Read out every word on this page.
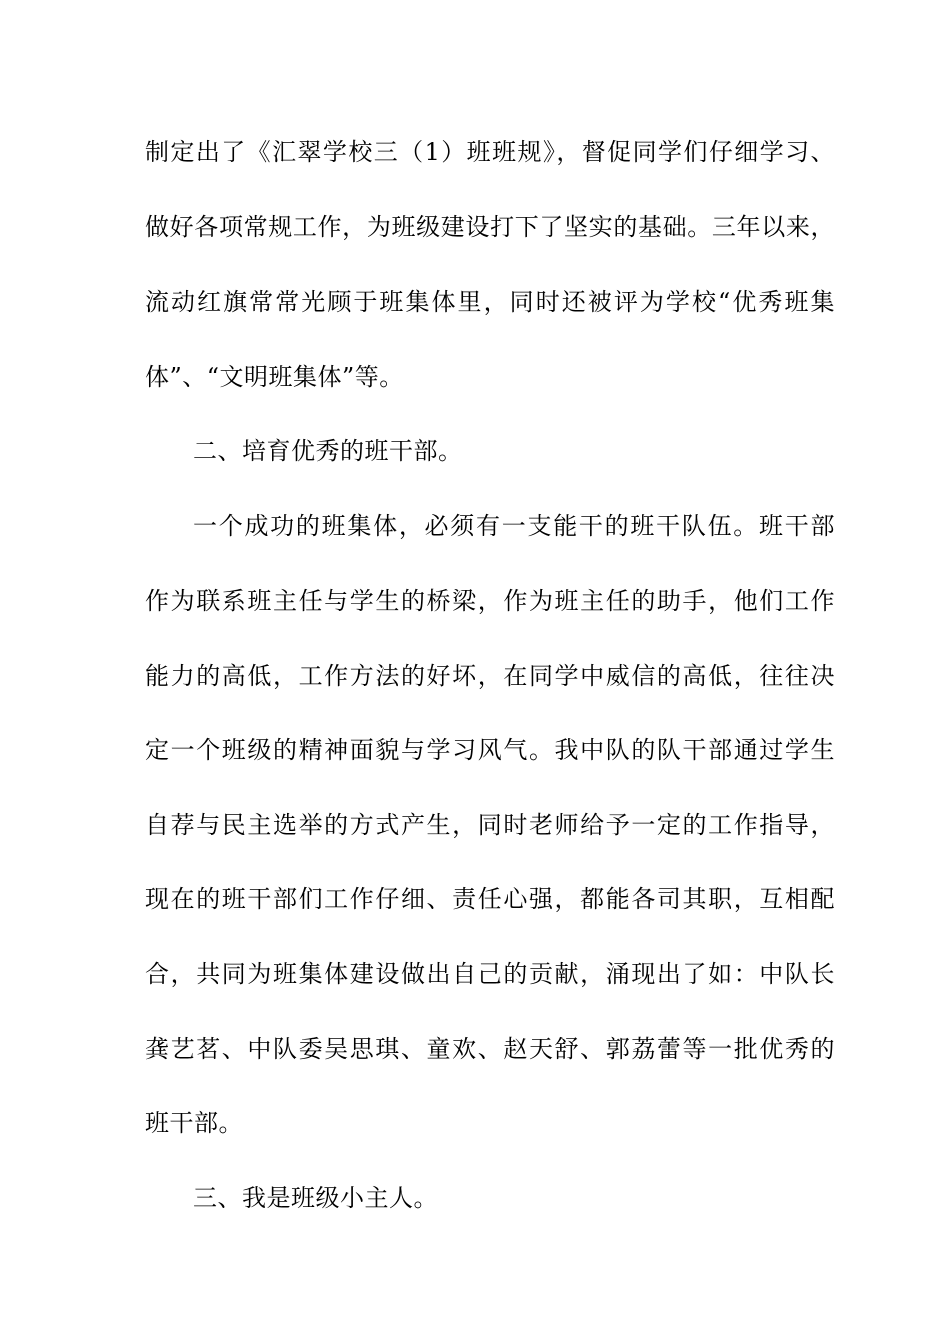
制定出了《汇翠学校三（1）班班规》，督促同学们仔细学习、
做好各项常规工作，为班级建设打下了坚实的基础。三年以来，
流动红旗常常光顾于班集体里，同时还被评为学校“优秀班集
体”、“文明班集体”等。
二、培育优秀的班干部。
一个成功的班集体，必须有一支能干的班干队伍。班干部
作为联系班主任与学生的桥梁，作为班主任的助手，他们工作
能力的高低，工作方法的好坏，在同学中威信的高低，往往决
定一个班级的精神面貌与学习风气。我中队的队干部通过学生
自荐与民主选举的方式产生，同时老师给予一定的工作指导，
现在的班干部们工作仔细、责任心强，都能各司其职，互相配
合，共同为班集体建设做出自己的贡献，涌现出了如：中队长
龚艺茗、中队委吴思琪、童欢、赵天舒、郭荔蕾等一批优秀的
班干部。
三、我是班级小主人。
